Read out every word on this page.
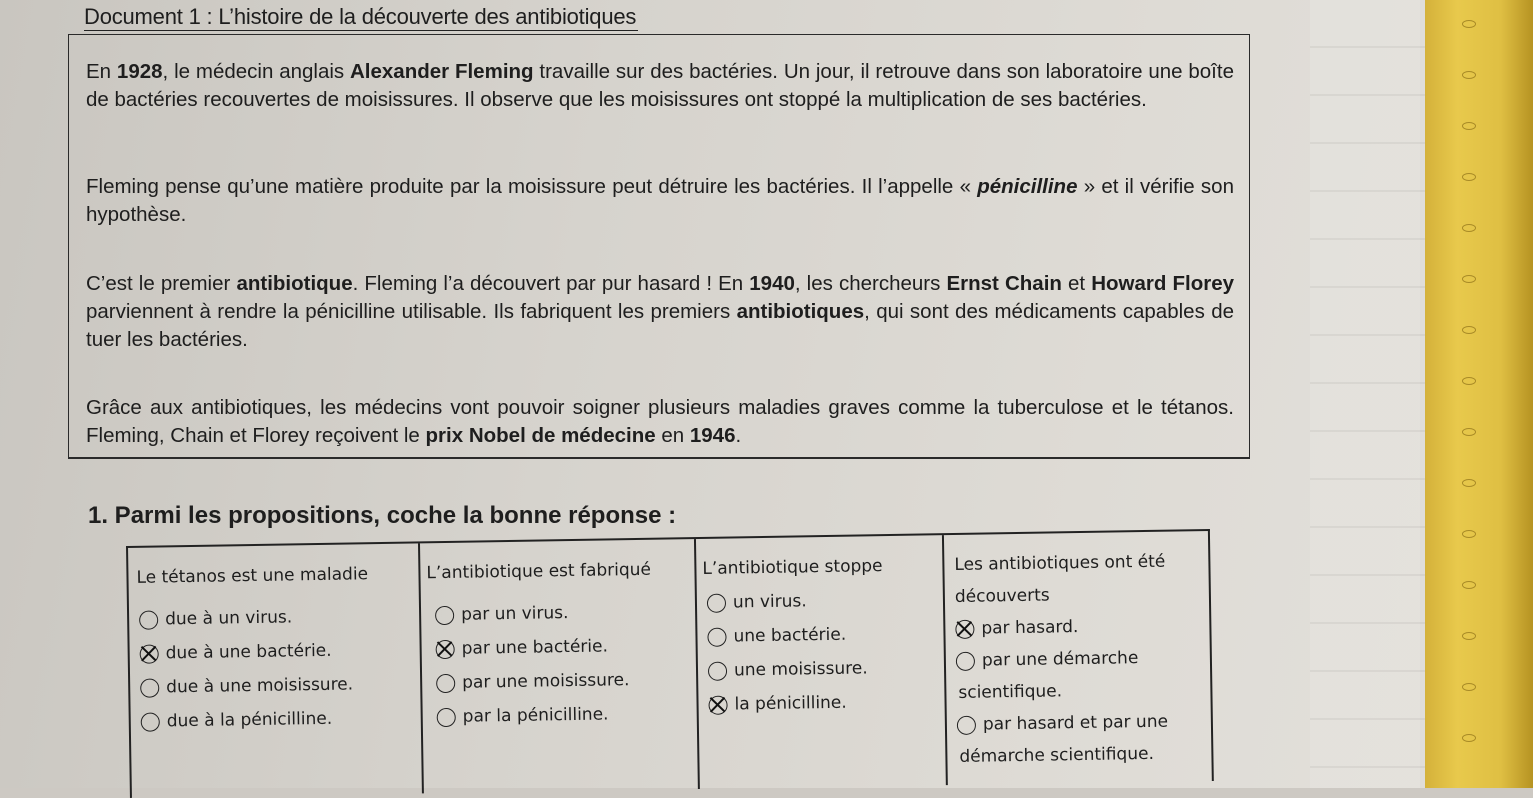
Document 1 : L’histoire de la découverte des antibiotiques

En 1928, le médecin anglais Alexander Fleming travaille sur des bactéries. Un jour, il retrouve dans son laboratoire une boîte de bactéries recouvertes de moisissures. Il observe que les moisissures ont stoppé la multiplication de ses bactéries.

Fleming pense qu’une matière produite par la moisissure peut détruire les bactéries. Il l’appelle « pénicilline » et il vérifie son hypothèse.

C’est le premier antibiotique. Fleming l’a découvert par pur hasard ! En 1940, les chercheurs Ernst Chain et Howard Florey parviennent à rendre la pénicilline utilisable. Ils fabriquent les premiers antibiotiques, qui sont des médicaments capables de tuer les bactéries.

Grâce aux antibiotiques, les médecins vont pouvoir soigner plusieurs maladies graves comme la tuberculose et le tétanos. Fleming, Chain et Florey reçoivent le prix Nobel de médecine en 1946.

1. Parmi les propositions, coche la bonne réponse :
Le tétanos est une maladie
due à un virus.
due à une bactérie.
due à une moisissure.
due à la pénicilline.
L’antibiotique est fabriqué
par un virus.
par une bactérie.
par une moisissure.
par la pénicilline.
L’antibiotique stoppe
un virus.
une bactérie.
une moisissure.
la pénicilline.
Les antibiotiques ont été
découverts
par hasard.
par une démarche
scientifique.
par hasard et par une
démarche scientifique.
